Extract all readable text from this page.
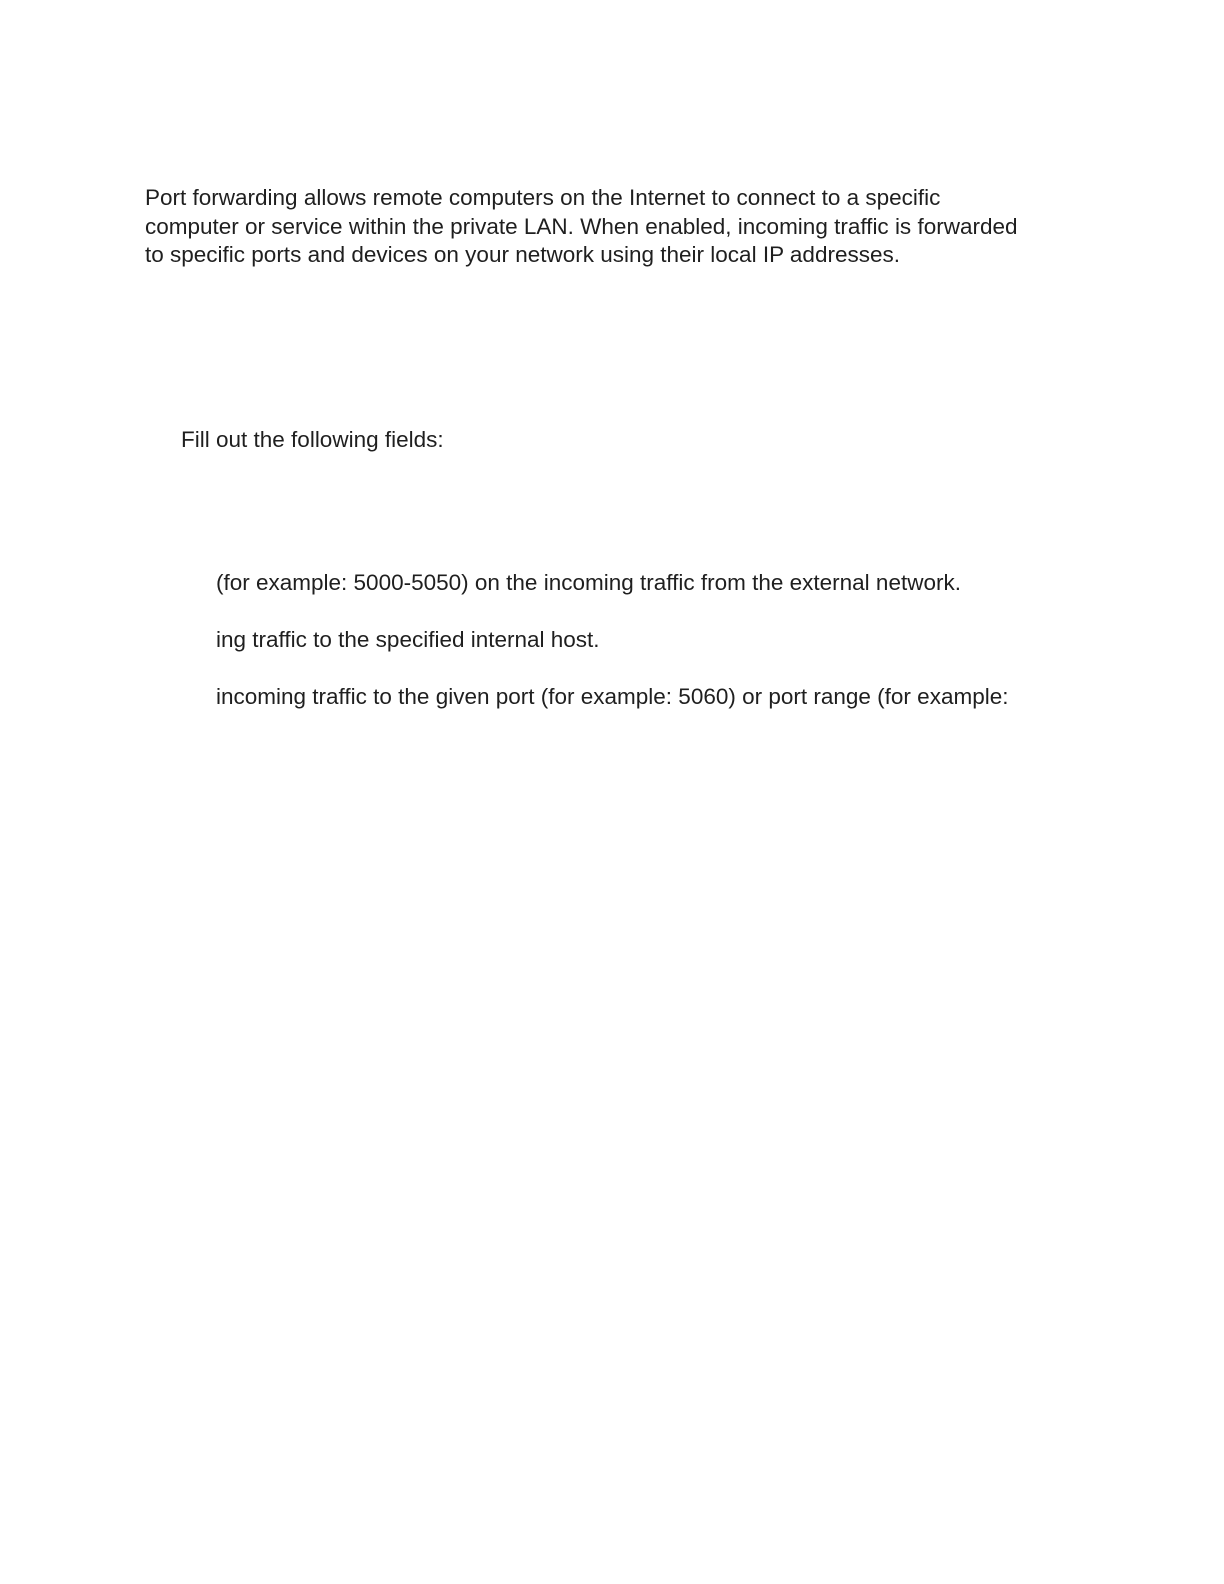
Port forwarding allows remote computers on the Internet to connect to a specific
computer or service within the private LAN. When enabled, incoming traffic is forwarded
to specific ports and devices on your network using their local IP addresses.

Fill out the following fields:

(for example: 5000-5050) on the incoming traffic from the external network.

ing traffic to the specified internal host.

incoming traffic to the given port (for example: 5060) or port range (for example:
